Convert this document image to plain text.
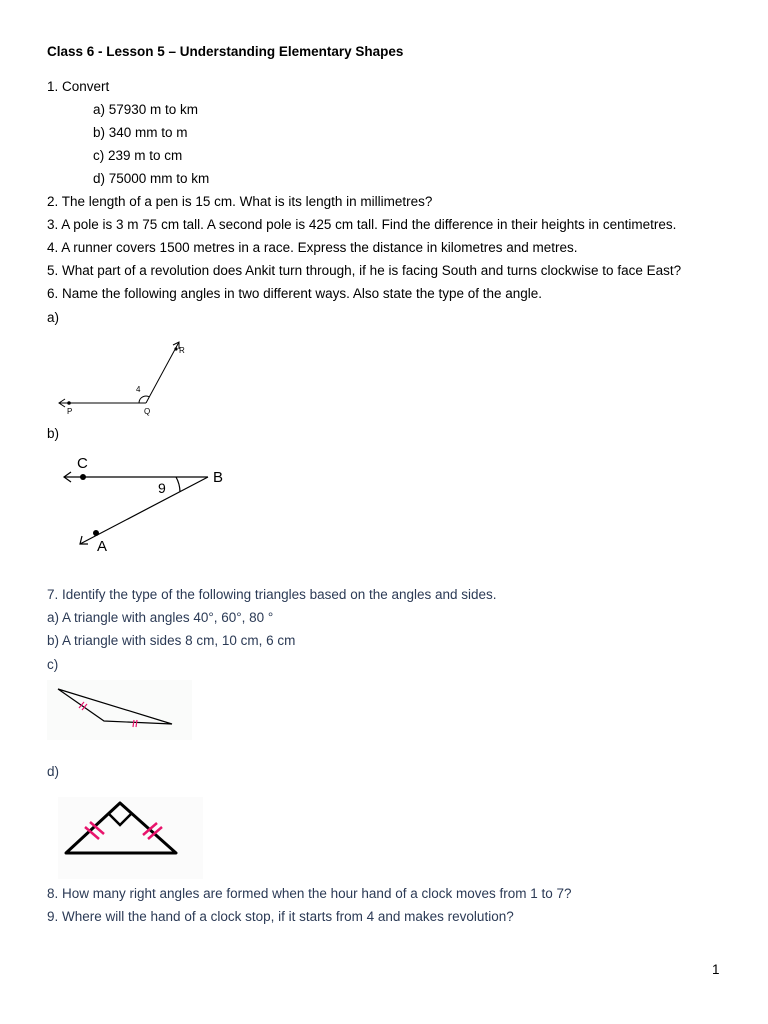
Class 6 - Lesson 5 – Understanding Elementary Shapes
1. Convert
a) 57930 m to km
b) 340 mm to m
c) 239 m to cm
d) 75000 mm to km
2. The length of a pen is 15 cm. What is its length in millimetres?
3. A pole is 3 m 75 cm tall. A second pole is 425 cm tall. Find the difference in their heights in centimetres.
4. A runner covers 1500 metres in a race. Express the distance in kilometres and metres.
5. What part of a revolution does Ankit turn through, if he is facing South and turns clockwise to face East?
6. Name the following angles in two different ways. Also state the type of the angle.
a)
P	Q
R
4
b)
C
B
A
9
7. Identify the type of the following triangles based on the angles and sides.
a) A triangle with angles 40°, 60°, 80 °
b) A triangle with sides 8 cm, 10 cm, 6 cm
c)
d)
8. How many right angles are formed when the hour hand of a clock moves from 1 to 7?
9. Where will the hand of a clock stop, if it starts from 4 and makes revolution?
1
